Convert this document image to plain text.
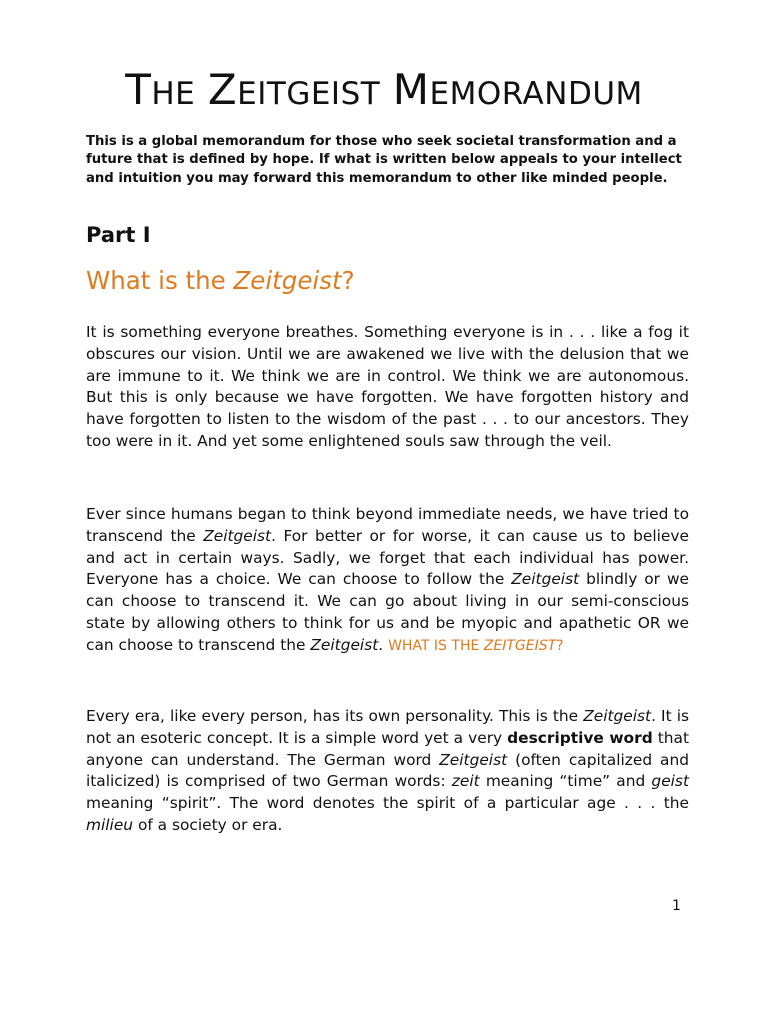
THE ZEITGEIST MEMORANDUM

This is a global memorandum for those who seek societal transformation and a future that is defined by hope. If what is written below appeals to your intellect and intuition you may forward this memorandum to other like minded people.

Part I
What is the Zeitgeist?

It is something everyone breathes. Something everyone is in . . . like a fog it obscures our vision. Until we are awakened we live with the delusion that we are immune to it. We think we are in control. We think we are autonomous. But this is only because we have forgotten. We have forgotten history and have forgotten to listen to the wisdom of the past . . . to our ancestors. They too were in it. And yet some enlightened souls saw through the veil.

Ever since humans began to think beyond immediate needs, we have tried to transcend the Zeitgeist. For better or for worse, it can cause us to believe and act in certain ways. Sadly, we forget that each individual has power. Everyone has a choice. We can choose to follow the Zeitgeist blindly or we can choose to transcend it. We can go about living in our semi-conscious state by allowing others to think for us and be myopic and apathetic OR we can choose to transcend the Zeitgeist. WHAT IS THE ZEITGEIST?

Every era, like every person, has its own personality. This is the Zeitgeist. It is not an esoteric concept. It is a simple word yet a very descriptive word that anyone can understand. The German word Zeitgeist (often capitalized and italicized) is comprised of two German words: zeit meaning “time” and geist meaning “spirit”. The word denotes the spirit of a particular age . . . the milieu of a society or era.

1
